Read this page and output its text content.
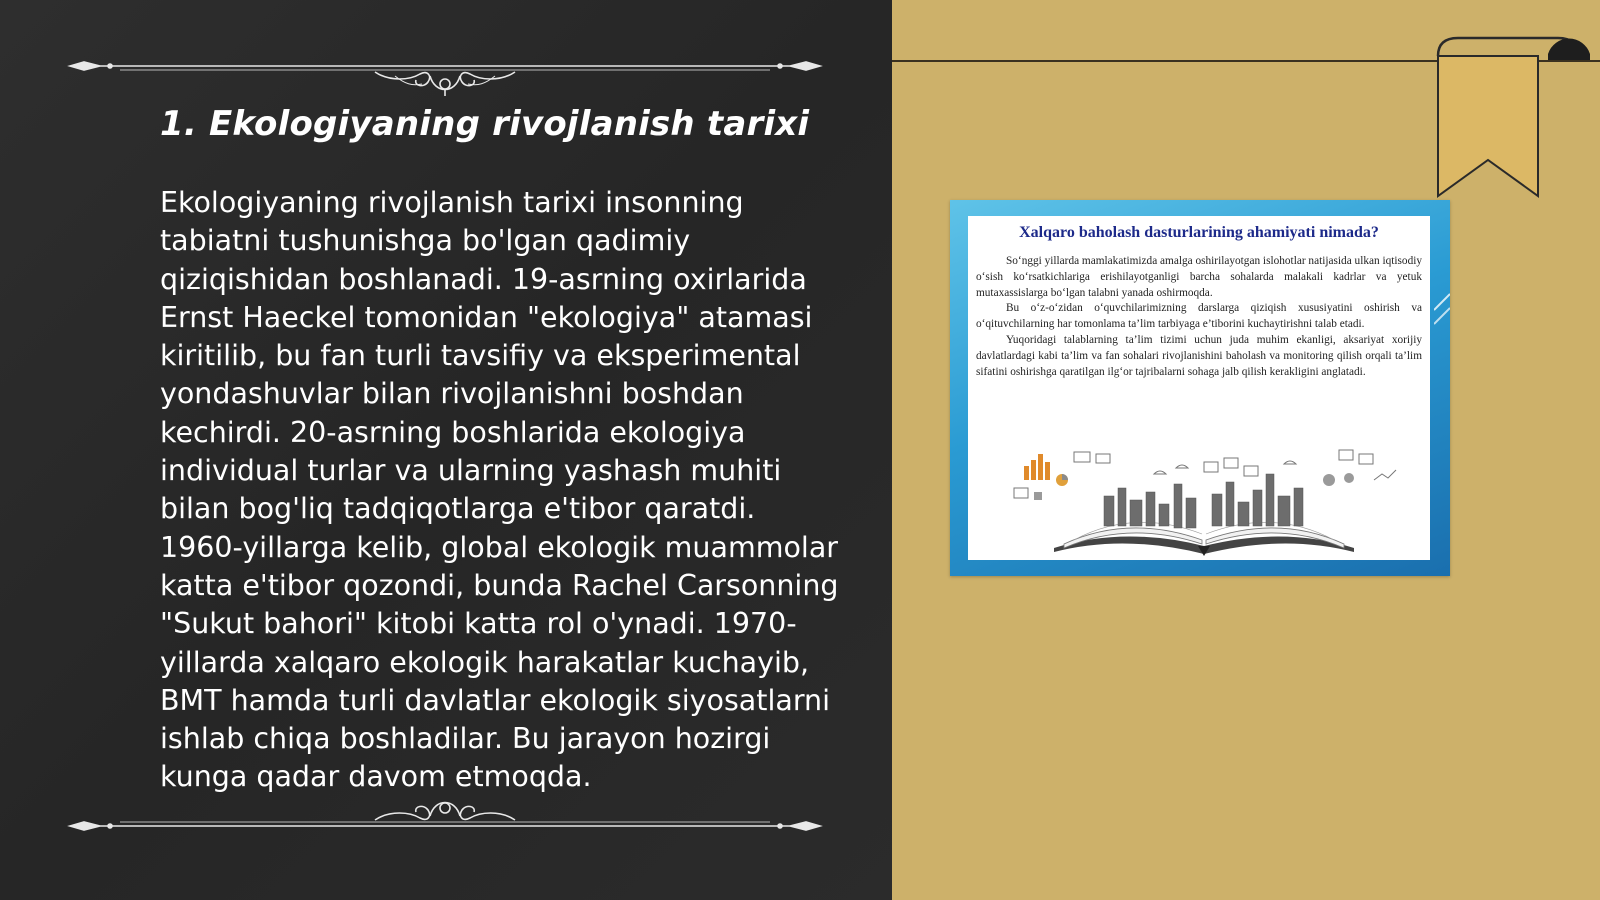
1. Ekologiyaning rivojlanish tarixi

Ekologiyaning rivojlanish tarixi insonning tabiatni tushunishga bo'lgan qadimiy qiziqishidan boshlanadi. 19-asrning oxirlarida Ernst Haeckel tomonidan "ekologiya" atamasi kiritilib, bu fan turli tavsifiy va eksperimental yondashuvlar bilan rivojlanishni boshdan kechirdi. 20-asrning boshlarida ekologiya individual turlar va ularning yashash muhiti bilan bog'liq tadqiqotlarga e'tibor qaratdi. 1960-yillarga kelib, global ekologik muammolar katta e'tibor qozondi, bunda Rachel Carsonning "Sukut bahori" kitobi katta rol o'ynadi. 1970-yillarda xalqaro ekologik harakatlar kuchayib, BMT hamda turli davlatlar ekologik siyosatlarni ishlab chiqa boshladilar. Bu jarayon hozirgi kunga qadar davom etmoqda.

Xalqaro baholash dasturlarining ahamiyati nimada?

So‘nggi yillarda mamlakatimizda amalga oshirilayotgan islohotlar natijasida ulkan iqtisodiy o‘sish ko‘rsatkichlariga erishilayotganligi barcha sohalarda malakali kadrlar va yetuk mutaxassislarga bo‘lgan talabni yanada oshirmoqda.

Bu o‘z-o‘zidan o‘quvchilarimizning darslarga qiziqish xususiyatini oshirish va o‘qituvchilarning har tomonlama ta’lim tarbiyaga e’tiborini kuchaytirishni talab etadi.

Yuqoridagi talablarning ta’lim tizimi uchun juda muhim ekanligi, aksariyat xorijiy davlatlardagi kabi ta’lim va fan sohalari rivojlanishini baholash va monitoring qilish orqali ta’lim sifatini oshirishga qaratilgan ilg‘or tajribalarni sohaga jalb qilish kerakligini anglatadi.
